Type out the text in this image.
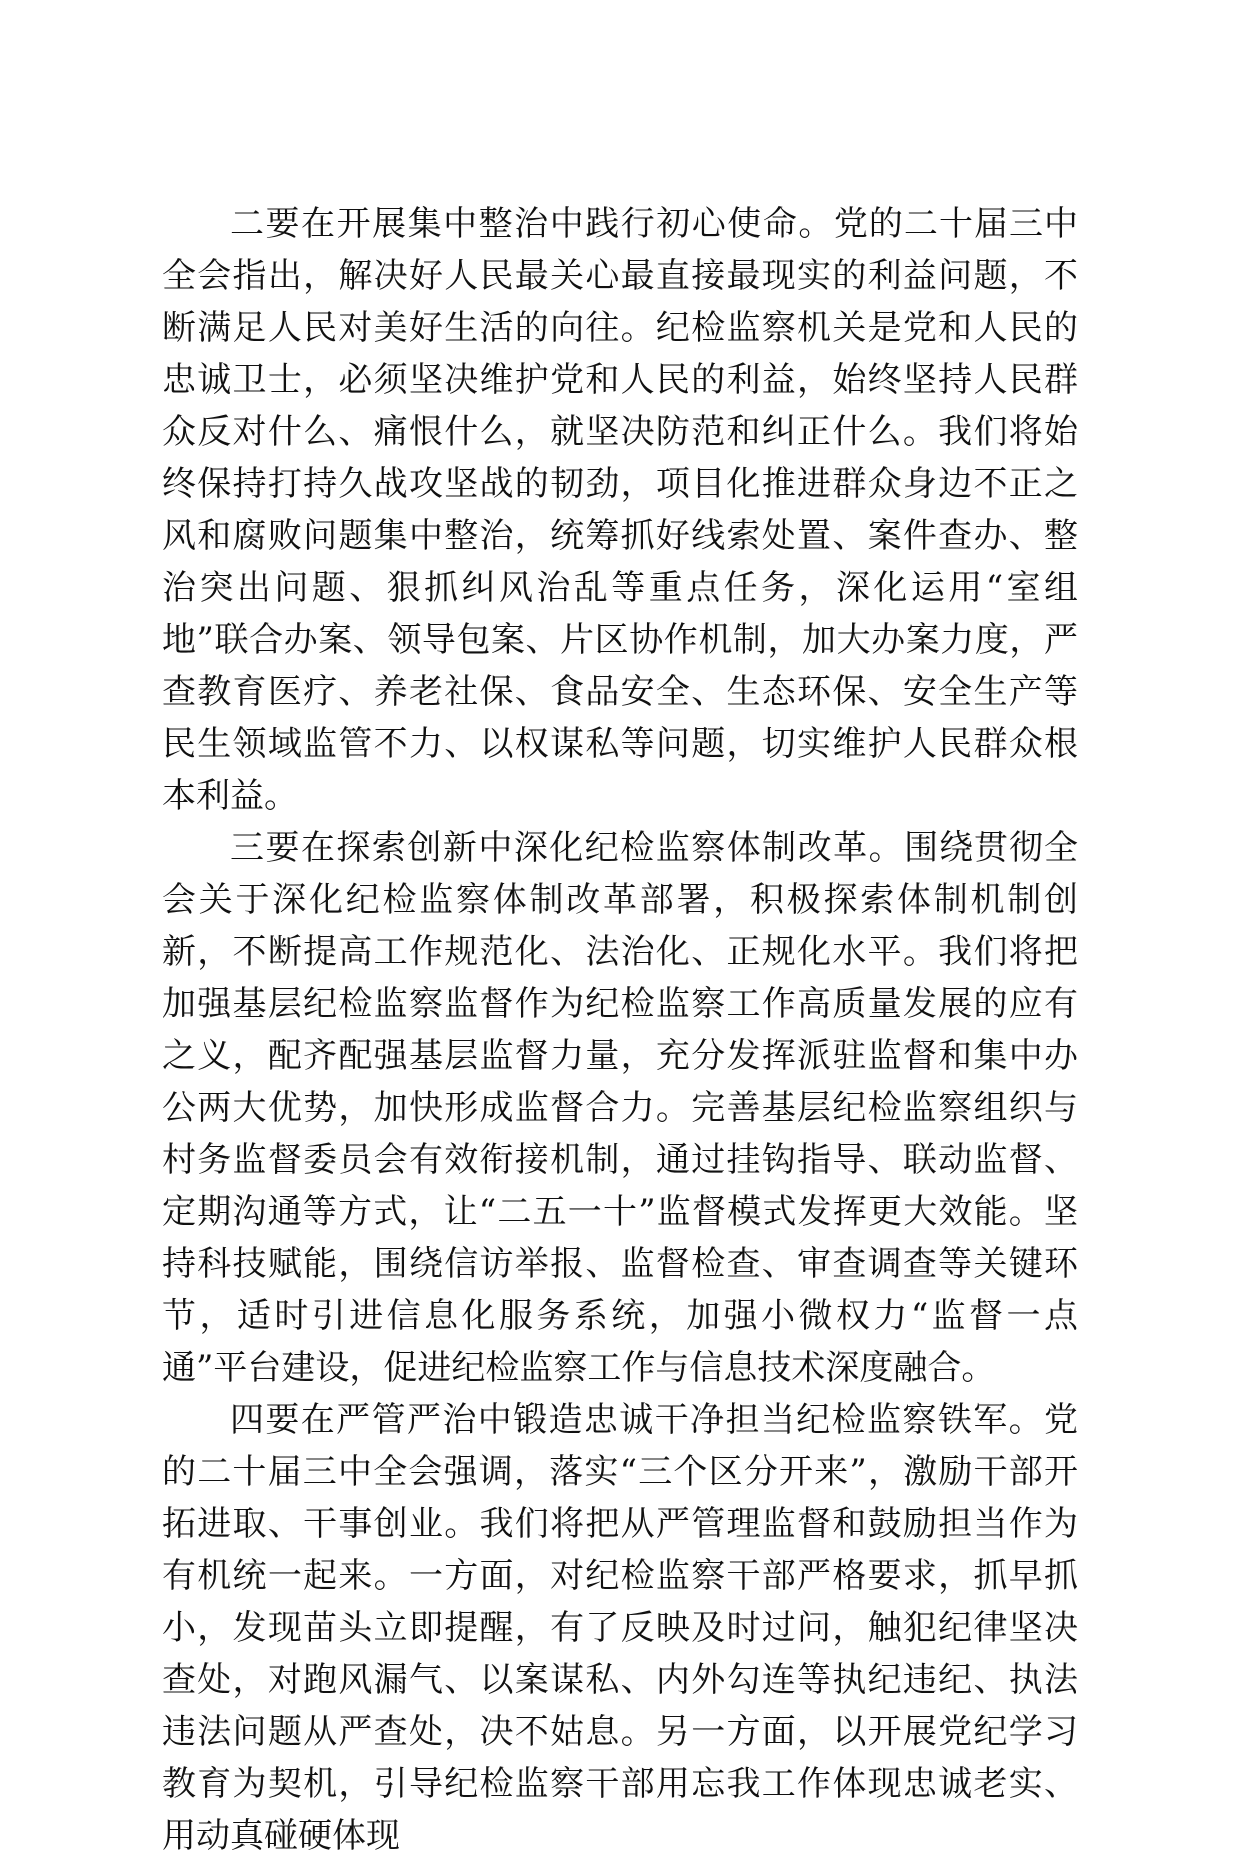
二要在开展集中整治中践行初心使命。党的二十届三中全会指出，解决好人民最关心最直接最现实的利益问题，不断满足人民对美好生活的向往。纪检监察机关是党和人民的忠诚卫士，必须坚决维护党和人民的利益，始终坚持人民群众反对什么、痛恨什么，就坚决防范和纠正什么。我们将始终保持打持久战攻坚战的韧劲，项目化推进群众身边不正之风和腐败问题集中整治，统筹抓好线索处置、案件查办、整治突出问题、狠抓纠风治乱等重点任务，深化运用“室组地”联合办案、领导包案、片区协作机制，加大办案力度，严查教育医疗、养老社保、食品安全、生态环保、安全生产等民生领域监管不力、以权谋私等问题，切实维护人民群众根本利益。

三要在探索创新中深化纪检监察体制改革。围绕贯彻全会关于深化纪检监察体制改革部署，积极探索体制机制创新，不断提高工作规范化、法治化、正规化水平。我们将把加强基层纪检监察监督作为纪检监察工作高质量发展的应有之义，配齐配强基层监督力量，充分发挥派驻监督和集中办公两大优势，加快形成监督合力。完善基层纪检监察组织与村务监督委员会有效衔接机制，通过挂钩指导、联动监督、定期沟通等方式，让“二五一十”监督模式发挥更大效能。坚持科技赋能，围绕信访举报、监督检查、审查调查等关键环节，适时引进信息化服务系统，加强小微权力“监督一点通”平台建设，促进纪检监察工作与信息技术深度融合。

四要在严管严治中锻造忠诚干净担当纪检监察铁军。党的二十届三中全会强调，落实“三个区分开来”，激励干部开拓进取、干事创业。我们将把从严管理监督和鼓励担当作为有机统一起来。一方面，对纪检监察干部严格要求，抓早抓小，发现苗头立即提醒，有了反映及时过问，触犯纪律坚决查处，对跑风漏气、以案谋私、内外勾连等执纪违纪、执法违法问题从严查处，决不姑息。另一方面，以开展党纪学习教育为契机，引导纪检监察干部用忘我工作体现忠诚老实、用动真碰硬体现
